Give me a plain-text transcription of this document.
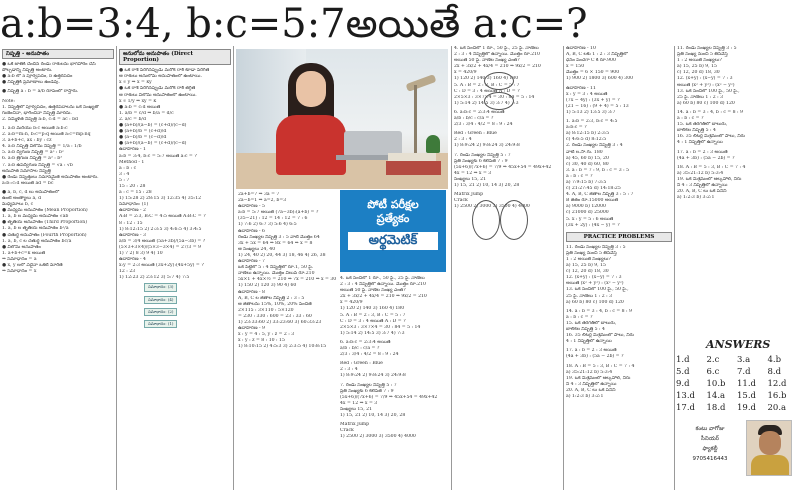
a:b=3:4, b:c=5:7అయితే a:c=?
నిష్పత్తి - అనుపాతం

● ఒకే జాతికి చెందిన రెండు రాశులను భాగహారం చేసి

పోల్చడాన్ని నిష్పత్తి అంటారు.

● a:b లో a పూర్వపదం, b ఉత్తరపదం

● నిష్పత్తికి ప్రమాణాలు ఉండవు.

● నిష్పత్తి a : b = a/b రూపంలో రాస్తారు.

Note:

1. నిష్పత్తిలో పూర్వపదం, ఉత్తరపదాలను ఒకే సంఖ్యతో

గుణించినా, భాగించినా నిష్పత్తి మారదు.

2. సమ్మిళిత నిష్పత్తి a:b, c:d = ac : bd

1. a:b మరియు b:c అయితే a:b:c

2. a:b=m:n, b:c=p:q అయితే a:c=mp:nq

3. a+b+c, ax : by : cz

4. a:b నిష్పత్తి విలోమ నిష్పత్తి = 1/a : 1/b

5. a:b ద్విగుణ నిష్పత్తి = a² : b²

6. a:b త్రిగుణ నిష్పత్తి = a³ : b³

7. a:b ఉపద్విగుణ నిష్పత్తి = √a : √b

అనుపాత సమాసాల నిష్పత్తి

● రెండు నిష్పత్తులు సమానమైతే అనుపాతం అంటారు.

a:b::c:d అయితే ad = bc

● a, b, c, d లు అనుపాతంలో

ఉంటే అంత్యాలు a, d

మధ్యమాలు b, c

● మధ్యమ అనుపాతం (Mean Proportion)

1. a, b ల మధ్యమ అనుపాతం √ab

● తృతీయ అనుపాతం (Third Proportion)

1. a, b ల తృతీయ అనుపాతం b²/a

● చతుర్థ అనుపాతం (Fourth Proportion)

1. a, b, c ల చతుర్థ అనుపాతం bc/a

● విలోమ అనుపాతం

1. a+b+c=k అయితే

⇒ సమాధానం = a

● x, y లలో ఏదైనా ఒకటి మారితే

⇒ సమాధానం = x

అనులోమ అనుపాతం (Direct Proportion)

● ఒక రాశి పెరిగినప్పుడు మరొక రాశి కూడా పెరిగితే

ఆ రాశులు అనులోమ అనుపాతంలో ఉంటాయి.

x ∝ y ⇒ x = ky

● ఒక రాశి పెరిగినప్పుడు మరొక రాశి తగ్గితే

ఆ రాశులు విలోమ అనుపాతంలో ఉంటాయి.

x ∝ 1/y ⇒ xy = k

● a:b = c:d అయితే

1. a/b = c/d ⇒ b/a = d/c

2. a/c = b/d

● (a+b)/(a−b) = (c+d)/(c−d)

● (a+b)/b = (c+d)/d

● (a−b)/b = (c−d)/d

● (a+b)/(a−b) = (c+d)/(c−d)

ఉదాహరణ - 1

a:b = 3:4, b:c = 5:7 అయితే a:c = ?

Method - 1

a : b : c

3 : 4

5 : 7

15 : 20 : 28

a : c = 15 : 28

1) 15:28 2) 28:15 3) 12:35 4) 35:12

సమాధానం: (1)

ఉదాహరణ - 2

A:B = 2:3, B:C = 4:5 అయితే A:B:C = ?

8 : 12 : 15

1) 8:12:15 2) 2:3:5 3) 4:6:5 4) 3:4:5

ఉదాహరణ - 3

a/b = 3/4 అయితే (5a+3b)/(5a−3b) = ?

(5×3+3×4)/(5×3−3×4) = 27/3 = 9

1) 7 2) 8 3) 9 4) 10

ఉదాహరణ - 4

x:y = 2:3 అయితే (3x+2y):(4x+5y) = ?

12 : 23

1) 12:23 2) 23:12 3) 5:7 4) 7:5

సమాధానం: (3)సమాధానం: (4)సమాధానం: (2)సమాధానం: (1)

2a+b=7 ⇒ 3a = 7

2a−b=1 ⇒ a=2, b=3

ఉదాహరణ - 5

a:b = 5:7 అయితే (7a−3b):(a+b) = ?

(35−21) : 12 = 14 : 12 = 7 : 6

1) 7:6 2) 6:7 3) 5:6 4) 6:5

ఉదాహరణ - 6

రెండు సంఖ్యల నిష్పత్తి 3 : 5 వాటి మొత్తం 64

3x + 5x = 64 ⇒ 8x = 64 ⇒ x = 8

ఆ సంఖ్యలు 24, 40

1) 24, 40 2) 20, 44 3) 18, 46 4) 26, 38

ఉదాహరణ - 7

ఒక పెట్టెలో 5 : 4 నిష్పత్తిలో రూ.1, 50 పై.

నాణేలు ఉన్నాయి. మొత్తం విలువ రూ.210

5x×1 + 4x×½ = 210 ⇒ 7x = 210 ⇒ x = 30

1) 150 2) 120 3) 90 4) 60

ఉదాహరణ - 8

A, B, C ల జీతాల నిష్పత్తి 2 : 3 : 5

ఆ జీతాలను 15%, 10%, 20% పెంచితే

2×115 : 3×110 : 5×120

= 230 : 330 : 600 = 23 : 33 : 60

1) 23:33:60 2) 33:23:60 3) 60:33:23

ఉదాహరణ - 9

x : y = 4 : 5, y : z = 2 : 3

x : y : z = 8 : 10 : 15

1) 8:10:15 2) 4:5:3 3) 2:3:5 4) 10:8:15

పోటీ పరీక్షల
ప్రత్యేకం
అర్థమెటిక్

4. ఒక సంచిలో 1 రూ., 50 పై., 25 పై. నాణేలు

2 : 3 : 4 నిష్పత్తిలో ఉన్నాయి. మొత్తం రూ.210

అయితే 50 పై. నాణేల సంఖ్య ఎంత?

2x + 3x/2 + 4x/4 = 210 ⇒ 9x/2 = 210

x = 420/9

1) 120 2) 140 3) 160 4) 180

5. A : B = 2 : 3, B : C = 5 : 7

C : D = 3 : 4 అయితే A : D = ?

2×5×3 : 3×7×4 = 30 : 84 = 5 : 14

1) 5:14 2) 14:5 3) 3:7 4) 7:3

6. a:b:c = 2:3:4 అయితే

a/b : b/c : c/a = ?

2/3 : 3/4 : 4/2 = 8 : 9 : 24

Red : Green : Blue

2 : 3 : 4

1) 8:9:24 2) 9:8:24 3) 24:9:8

7. రెండు సంఖ్యల నిష్పత్తి 5 : 7

ప్రతి సంఖ్యకు 6 కలిపితే 7 : 9

(5x+6)/(7x+6) = 7/9 ⇒ 45x+54 = 49x+42

4x = 12 ⇒ x = 3

సంఖ్యలు 15, 21

1) 15, 21 2) 10, 14 3) 20, 28

Matrix Jump

Crack

1) 2500 2) 3000 3) 3500 4) 4000

4. ఒక సంచిలో 1 రూ., 50 పై., 25 పై. నాణేలు

2 : 3 : 4 నిష్పత్తిలో ఉన్నాయి. మొత్తం రూ.210

అయితే 50 పై. నాణేల సంఖ్య ఎంత?

2x + 3x/2 + 4x/4 = 210 ⇒ 9x/2 = 210

x = 420/9

1) 120 2) 140 3) 160 4) 180

5. A : B = 2 : 3, B : C = 5 : 7

C : D = 3 : 4 అయితే A : D = ?

2×5×3 : 3×7×4 = 30 : 84 = 5 : 14

1) 5:14 2) 14:5 3) 3:7 4) 7:3

6. a:b:c = 2:3:4 అయితే

a/b : b/c : c/a = ?

2/3 : 3/4 : 4/2 = 8 : 9 : 24

Red : Green : Blue

2 : 3 : 4

1) 8:9:24 2) 9:8:24 3) 24:9:8

7. రెండు సంఖ్యల నిష్పత్తి 5 : 7

ప్రతి సంఖ్యకు 6 కలిపితే 7 : 9

(5x+6)/(7x+6) = 7/9 ⇒ 45x+54 = 49x+42

4x = 12 ⇒ x = 3

సంఖ్యలు 15, 21

1) 15, 21 2) 10, 14 3) 20, 28

Matrix Jump

Crack

1) 2500 2) 3000 3) 3500 4) 4000

ఉదాహరణ - 10

A, B, C లకు 1 : 2 : 3 నిష్పత్తిలో

ధనం పంచగా C కి రూ.900

x = 150

మొత్తం = 6 × 150 = 900

1) 900 2) 1800 3) 600 4) 300

ఉదాహరణ - 11

x : y = 3 : 4 అయితే

(7x − 4y) : (3x + y) = ?

(21 − 16) : (9 + 4) = 5 : 13

1) 5:13 2) 13:5 3) 3:7

1. a:b = 2:3, b:c = 4:5

a:b:c = ?

a) 8:12:15 b) 2:3:5

c) 4:6:5 d) 8:12:5

2. రెండు సంఖ్యల నిష్పత్తి 3 : 4

వాటి ల.సా.గు. 180

a) 45, 60 b) 15, 20

c) 30, 40 d) 60, 80

3. a : b = 7 : 9, b : c = 3 : 5

a : b : c = ?

a) 7:9:15 b) 7:3:5

c) 21:27:45 d) 14:18:25

4. A, B, C జీతాల నిష్పత్తి 3 : 5 : 7

B జీతం రూ.15000 అయితే

a) 9000 b) 12000

c) 21000 d) 25000

5. x : y = 5 : 6 అయితే

(3x + 2y) : (4x − y) = ?

PRACTICE PROBLEMS

11. రెండు సంఖ్యల నిష్పత్తి 3 : 5

ప్రతి సంఖ్య నుంచి 5 తీసివేస్తే

1 : 2 అయితే సంఖ్యలు?

a) 15, 25 b) 9, 15

c) 12, 20 d) 18, 30

12. (x+y) : (x−y) = 7 : 3

అయితే (x² + y²) : (x² − y²)

13. ఒక సంచిలో 100 పై., 50 పై.,

25 పై. నాణేలు 1 : 2 : 3

a) 60 b) 80 c) 100 d) 120

14. a : b = 3 : 4, b : c = 8 : 9

a : b : c = ?

15. ఒక తరగతిలో బాలురు,

బాలికల నిష్పత్తి 5 : 4

16. 35 లీటర్ల మిశ్రమంలో పాలు, నీరు

4 : 1 నిష్పత్తిలో ఉన్నాయి

17. a : b = 2 : 3 అయితే

(4a + 3b) : (5a − 2b) = ?

18. A : B = 5 : 3, B : C = 7 : 4

a) 35:21:12 b) 5:3:4

19. ఒక మిశ్రమంలో ఆల్కహాల్, నీరు

ని 4 : 3 నిష్పత్తిలో ఉన్నాయి

20. A, B, C లు ఒక పనిని

a) 1:2:3 b) 3:2:1

11. రెండు సంఖ్యల నిష్పత్తి 3 : 5

ప్రతి సంఖ్య నుంచి 5 తీసివేస్తే

1 : 2 అయితే సంఖ్యలు?

a) 15, 25 b) 9, 15

c) 12, 20 d) 18, 30

12. (x+y) : (x−y) = 7 : 3

అయితే (x² + y²) : (x² − y²)

13. ఒక సంచిలో 100 పై., 50 పై.,

25 పై. నాణేలు 1 : 2 : 3

a) 60 b) 80 c) 100 d) 120

14. a : b = 3 : 4, b : c = 8 : 9

a : b : c = ?

15. ఒక తరగతిలో బాలురు,

బాలికల నిష్పత్తి 5 : 4

16. 35 లీటర్ల మిశ్రమంలో పాలు, నీరు

4 : 1 నిష్పత్తిలో ఉన్నాయి

17. a : b = 2 : 3 అయితే

(4a + 3b) : (5a − 2b) = ?

18. A : B = 5 : 3, B : C = 7 : 4

a) 35:21:12 b) 5:3:4

19. ఒక మిశ్రమంలో ఆల్కహాల్, నీరు

ని 4 : 3 నిష్పత్తిలో ఉన్నాయి

20. A, B, C లు ఒక పనిని

a) 1:2:3 b) 3:2:1

ANSWERS
1.d	2.c	3.a	4.b
5.d	6.c	7.d	8.d
9.d	10.b	11.d	12.d
13.d	14.a	15.d	16.b
17.d	18.d	19.d	20.a
కంటు వాగోజు
సీనియర్
ఫ్యాకల్టీ
9705416443
